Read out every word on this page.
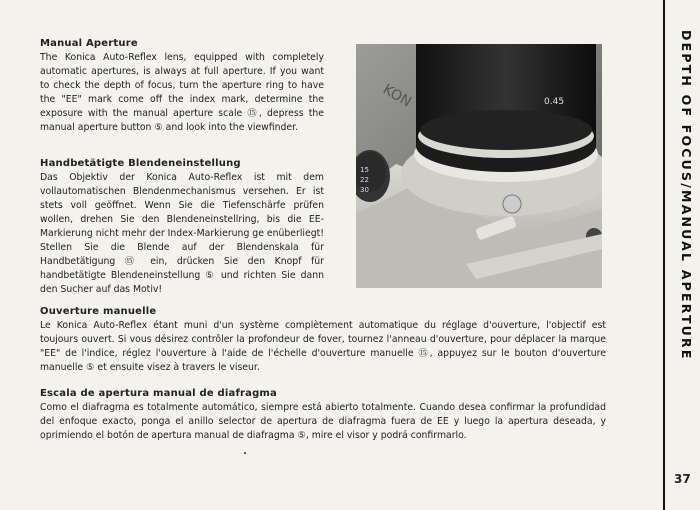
Manual Aperture

The Konica Auto-Reflex lens, equipped with completely automatic apertures, is always at full aperture. If you want to check the depth of focus, turn the aperture ring to have the "EE" mark come off the index mark, determine the exposure with the manual aperture scale ⑮, depress the manual aperture button ⑤ and look into the viewfinder.

Handbetätigte Blendeneinstellung

Das Objektiv der Konica Auto-Reflex ist mit dem vollautomatischen Blendenmechanismus versehen. Er ist stets voll geöffnet. Wenn Sie die Tiefenschärfe prüfen wollen, drehen Sie den Blendeneinstellring, bis die EE-Markierung nicht mehr der Index-Markierung ge enüberliegt! Stellen Sie die Blende auf der Blendenskala für Handbetätigung ⑮ ein, drücken Sie den Knopf für handbetätigte Blendeneinstellung ⑤ und richten Sie dann den Sucher auf das Motiv!

0.45
KON
15
22
30
Ouverture manuelle

Le Konica Auto-Reflex étant muni d'un système complètement automatique du réglage d'ouverture, l'objectif est toujours ouvert. Si vous désirez contrôler la profondeur de fover, tournez l'anneau d'ouverture, pour déplacer la marque "EE" de l'indice, réglez l'ouverture à l'aide de l'échelle d'ouverture manuelle ⑮, appuyez sur le bouton d'ouverture manuelle ⑤ et ensuite visez à travers le viseur.

Escala de apertura manual de diafragma

Como el diafragma es totalmente automático, siempre está abierto totalmente. Cuando desea confirmar la profundidad del enfoque exacto, ponga el anillo selector de apertura de diafragma fuera de EE y luego la apertura deseada, y oprimiendo el botón de apertura manual de diafragma ⑤, mire el visor y podrá confirmarlo.

DEPTH OF FOCUS/MANUAL APERTURE
37
